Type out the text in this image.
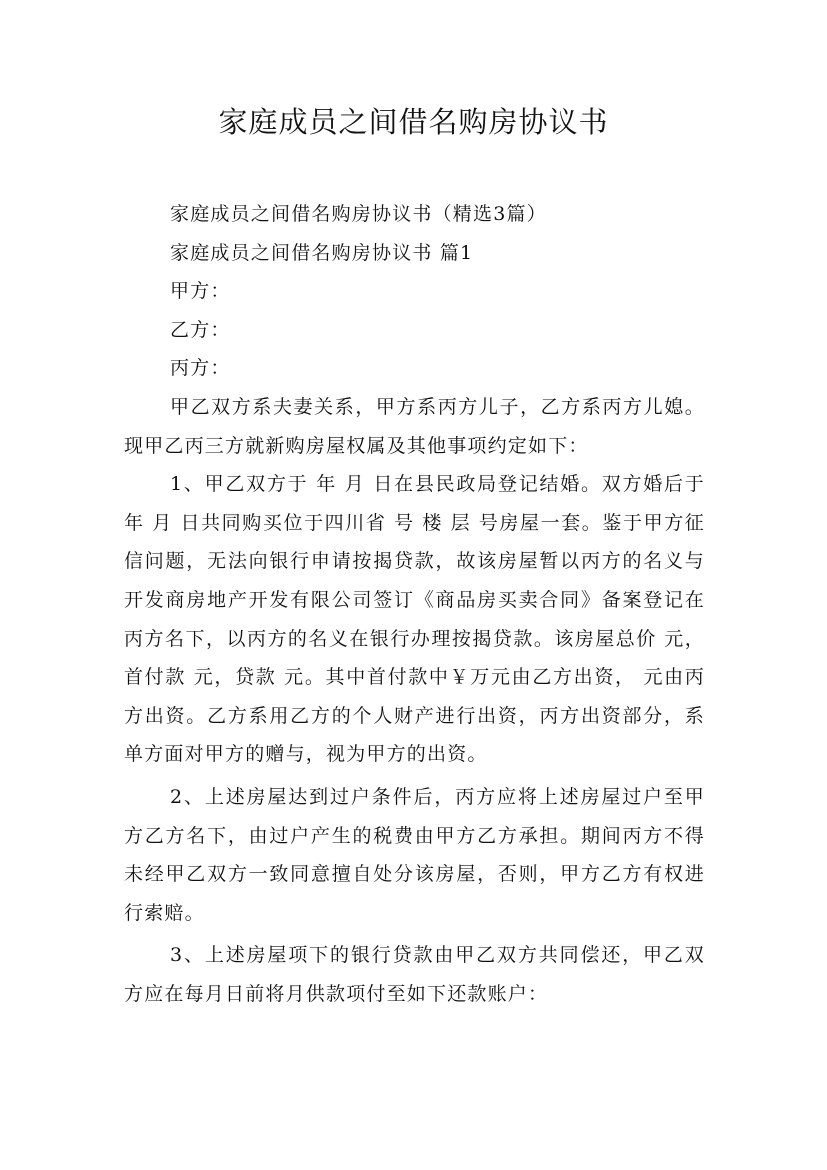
家庭成员之间借名购房协议书

家庭成员之间借名购房协议书（精选3篇）

家庭成员之间借名购房协议书 篇1

甲方：

乙方：

丙方：

甲乙双方系夫妻关系，甲方系丙方儿子，乙方系丙方儿媳。现甲乙丙三方就新购房屋权属及其他事项约定如下：

1、甲乙双方于 年 月 日在县民政局登记结婚。双方婚后于年 月 日共同购买位于四川省 号 楼 层 号房屋一套。鉴于甲方征信问题，无法向银行申请按揭贷款，故该房屋暂以丙方的名义与开发商房地产开发有限公司签订《商品房买卖合同》备案登记在丙方名下，以丙方的名义在银行办理按揭贷款。该房屋总价 元，首付款 元，贷款 元。其中首付款中￥万元由乙方出资， 元由丙方出资。乙方系用乙方的个人财产进行出资，丙方出资部分，系单方面对甲方的赠与，视为甲方的出资。

2、上述房屋达到过户条件后，丙方应将上述房屋过户至甲方乙方名下，由过户产生的税费由甲方乙方承担。期间丙方不得未经甲乙双方一致同意擅自处分该房屋，否则，甲方乙方有权进行索赔。

3、上述房屋项下的银行贷款由甲乙双方共同偿还，甲乙双方应在每月日前将月供款项付至如下还款账户：
